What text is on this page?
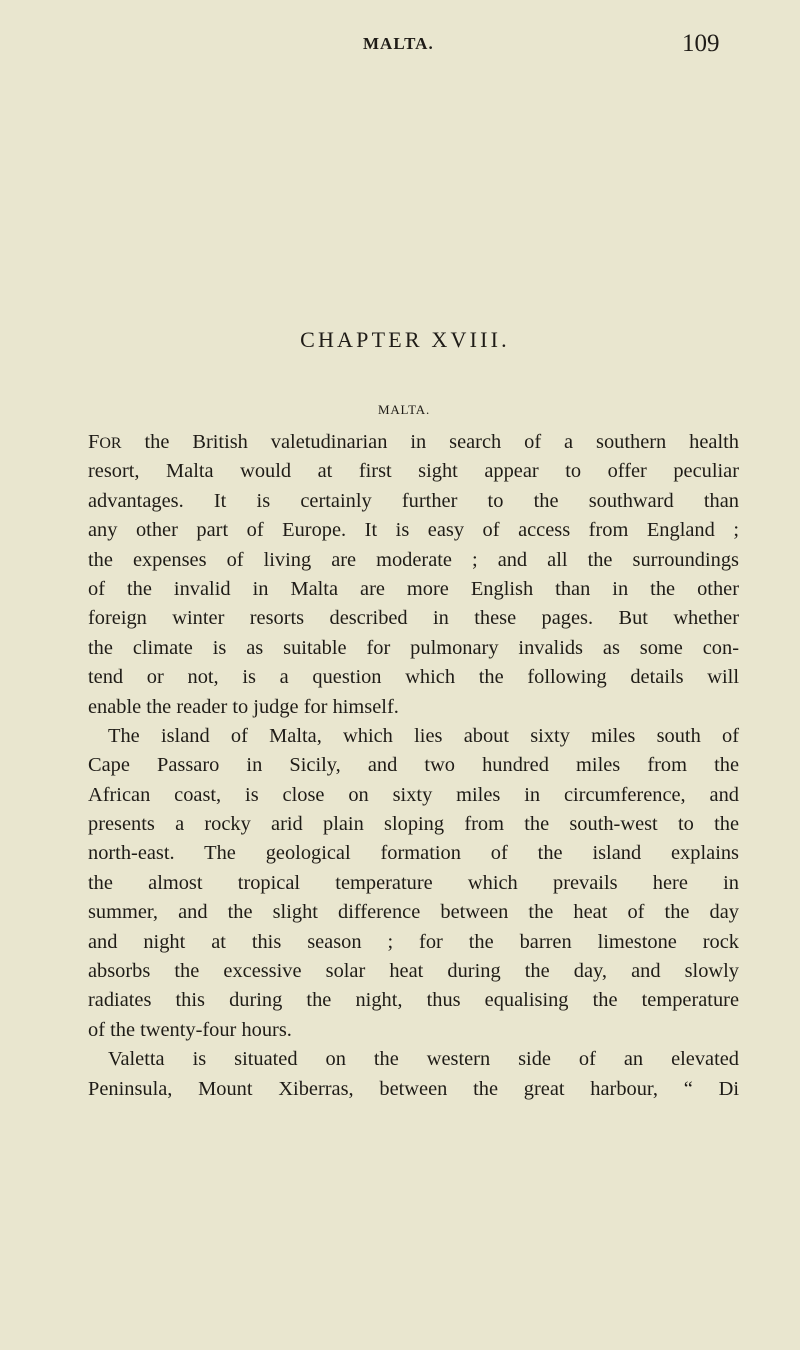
MALTA.	109
CHAPTER XVIII.
MALTA.
FOR the British valetudinarian in search of a southern health
resort, Malta would at first sight appear to offer peculiar
advantages. It is certainly further to the southward than
any other part of Europe. It is easy of access from England ;
the expenses of living are moderate ; and all the surroundings
of the invalid in Malta are more English than in the other
foreign winter resorts described in these pages. But whether
the climate is as suitable for pulmonary invalids as some con-
tend or not, is a question which the following details will
enable the reader to judge for himself.
The island of Malta, which lies about sixty miles south of
Cape Passaro in Sicily, and two hundred miles from the
African coast, is close on sixty miles in circumference, and
presents a rocky arid plain sloping from the south-west to the
north-east. The geological formation of the island explains
the almost tropical temperature which prevails here in
summer, and the slight difference between the heat of the day
and night at this season ; for the barren limestone rock
absorbs the excessive solar heat during the day, and slowly
radiates this during the night, thus equalising the temperature
of the twenty-four hours.
Valetta is situated on the western side of an elevated
Peninsula, Mount Xiberras, between the great harbour, “ Di
